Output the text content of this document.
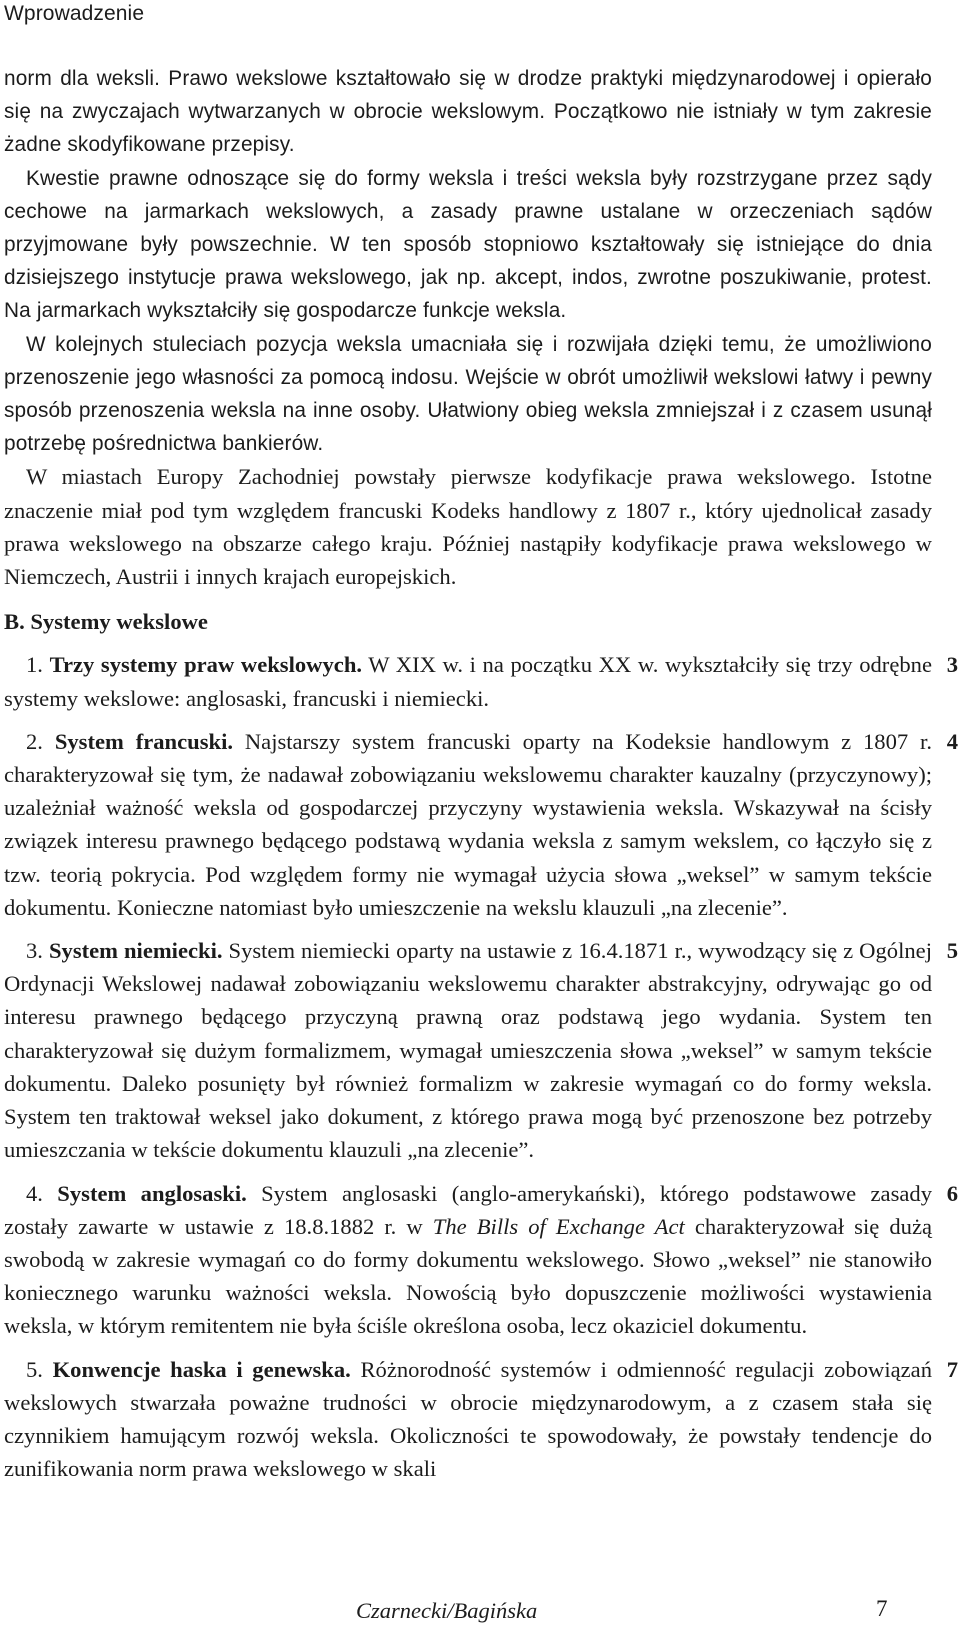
Wprowadzenie

norm dla weksli. Prawo wekslowe kształtowało się w drodze praktyki międzynarodowej i opierało się na zwyczajach wytwarzanych w obrocie wekslowym. Początkowo nie istniały w tym zakresie żadne skodyfikowane przepisy.

Kwestie prawne odnoszące się do formy weksla i treści weksla były rozstrzygane przez sądy cechowe na jarmarkach wekslowych, a zasady prawne ustalane w orzeczeniach sądów przyjmowane były powszechnie. W ten sposób stopniowo kształtowały się istniejące do dnia dzisiejszego instytucje prawa wekslowego, jak np. akcept, indos, zwrotne poszukiwanie, protest. Na jarmarkach wykształciły się gospodarcze funkcje weksla.

W kolejnych stuleciach pozycja weksla umacniała się i rozwijała dzięki temu, że umożliwiono przenoszenie jego własności za pomocą indosu. Wejście w obrót umożliwił wekslowi łatwy i pewny sposób przenoszenia weksla na inne osoby. Ułatwiony obieg weksla zmniejszał i z czasem usunął potrzebę pośrednictwa bankierów.

W miastach Europy Zachodniej powstały pierwsze kodyfikacje prawa wekslowego. Istotne znaczenie miał pod tym względem francuski Kodeks handlowy z 1807 r., który ujednolicał zasady prawa wekslowego na obszarze całego kraju. Później nastąpiły kodyfikacje prawa wekslowego w Niemczech, Austrii i innych krajach europejskich.

B. Systemy wekslowe

1. Trzy systemy praw wekslowych. W XIX w. i na początku XX w. wykształciły się trzy odrębne systemy wekslowe: anglosaski, francuski i niemiecki.
3

2. System francuski. Najstarszy system francuski oparty na Kodeksie handlowym z 1807 r. charakteryzował się tym, że nadawał zobowiązaniu wekslowemu charakter kauzalny (przyczynowy); uzależniał ważność weksla od gospodarczej przyczyny wystawienia weksla. Wskazywał na ścisły związek interesu prawnego będącego podstawą wydania weksla z samym wekslem, co łączyło się z tzw. teorią pokrycia. Pod względem formy nie wymagał użycia słowa „weksel” w samym tekście dokumentu. Konieczne natomiast było umieszczenie na wekslu klauzuli „na zlecenie”.
4

3. System niemiecki. System niemiecki oparty na ustawie z 16.4.1871 r., wywodzący się z Ogólnej Ordynacji Wekslowej nadawał zobowiązaniu wekslowemu charakter abstrakcyjny, odrywając go od interesu prawnego będącego przyczyną prawną oraz podstawą jego wydania. System ten charakteryzował się dużym formalizmem, wymagał umieszczenia słowa „weksel” w samym tekście dokumentu. Daleko posunięty był również formalizm w zakresie wymagań co do formy weksla. System ten traktował weksel jako dokument, z którego prawa mogą być przenoszone bez potrzeby umieszczania w tekście dokumentu klauzuli „na zlecenie”.
5

4. System anglosaski. System anglosaski (anglo-amerykański), którego podstawowe zasady zostały zawarte w ustawie z 18.8.1882 r. w The Bills of Exchange Act charakteryzował się dużą swobodą w zakresie wymagań co do formy dokumentu wekslowego. Słowo „weksel” nie stanowiło koniecznego warunku ważności weksla. Nowością było dopuszczenie możliwości wystawienia weksla, w którym remitentem nie była ściśle określona osoba, lecz okaziciel dokumentu.
6

5. Konwencje haska i genewska. Różnorodność systemów i odmienność regulacji zobowiązań wekslowych stwarzała poważne trudności w obrocie międzynarodowym, a z czasem stała się czynnikiem hamującym rozwój weksla. Okoliczności te spowodowały, że powstały tendencje do zunifikowania norm prawa wekslowego w skali
7

Czarnecki/Bagińska	7
